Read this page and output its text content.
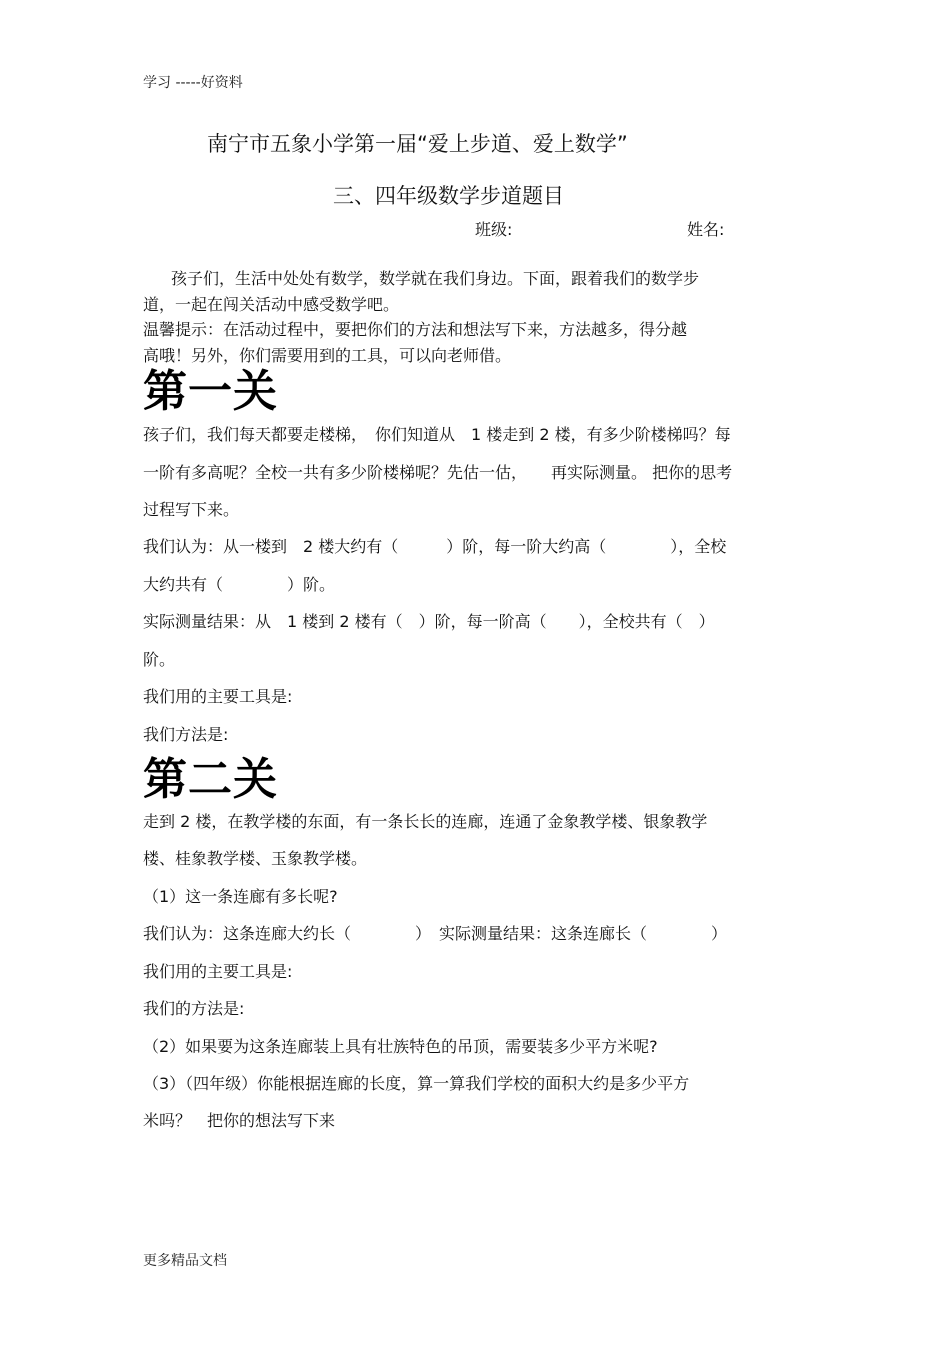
学习 -----好资料
南宁市五象小学第一届“爱上步道、爱上数学”
三、四年级数学步道题目
班级:	姓名:
孩子们，生活中处处有数学，数学就在我们身边。下面，跟着我们的数学步
道，一起在闯关活动中感受数学吧。
温馨提示：在活动过程中，要把你们的方法和想法写下来，方法越多，得分越
高哦！另外，你们需要用到的工具，可以向老师借。
第一关
孩子们，我们每天都要走楼梯，　你们知道从　1 楼走到 2 楼，有多少阶楼梯吗？每
一阶有多高呢？全校一共有多少阶楼梯呢？先估一估，　　再实际测量。 把你的思考
过程写下来。
我们认为：从一楼到　2 楼大约有（　　　）阶，每一阶大约高（　　　　），全校
大约共有（　　　　）阶。
实际测量结果：从　1 楼到 2 楼有（　）阶，每一阶高（　　），全校共有（　）
阶。
我们用的主要工具是:
我们方法是:
第二关
走到 2 楼，在教学楼的东面，有一条长长的连廊，连通了金象教学楼、银象教学
楼、桂象教学楼、玉象教学楼。
（1）这一条连廊有多长呢?
我们认为：这条连廊大约长（　　　　）　实际测量结果：这条连廊长（　　　　）
我们用的主要工具是:
我们的方法是:
（2）如果要为这条连廊装上具有壮族特色的吊顶，需要装多少平方米呢?
（3）（四年级）你能根据连廊的长度，算一算我们学校的面积大约是多少平方
米吗？　把你的想法写下来
更多精品文档
